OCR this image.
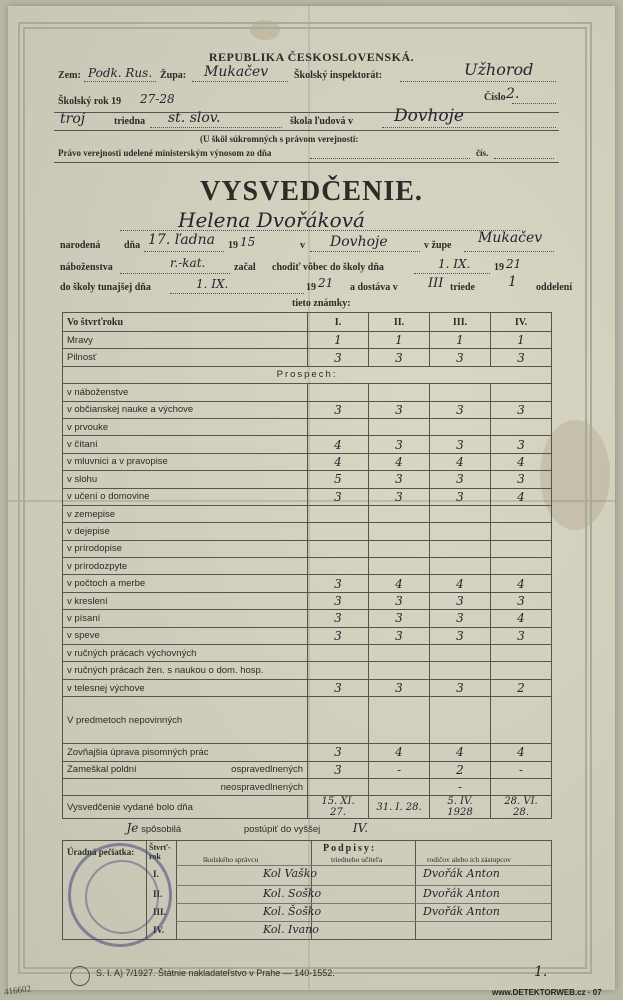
REPUBLIKA ČESKOSLOVENSKÁ.
Zem: Podk. Rus. Župa: Mukačev	Školský inspektorát:	Užhorod
Číslo 2.
Školský rok 19 27-28
troj	triedna st. slov.	škola ľudová v Dovhoje
(U škôl súkromných s právom verejnosti:
Právo verejnosti udelené ministerským výnosom zo dňa	čís.
VYSVEDČENIE.
Helena Dvořáková
narodená dňa 17. ľadna 19 15	v Dovhoje	v župe Mukačev
náboženstva	r.-kat.	začal chodiť vôbec do školy dňa	1. IX. 19 21
do školy tunajšej dňa	1. IX.	19 21 a dostáva v III triede 1 oddelení
tieto známky:
Vo štvrťroku	I.	II.	III.	IV.
Mravy	1	1	1	1
Pilnosť	3	3	3	3
Prospech:				
v náboženstve				
v občianskej nauke a výchove	3	3	3	3
v prvouke				
v čítaní	4	3	3	3
v mluvnici a v pravopise	4	4	4	4
v slohu	5	3	3	3
v učení o domovine	3	3	3	4
v zemepise				
v dejepise				
v prírodopise				
v prírodozpyte				
v počtoch a merbe	3	4	4	4
v kreslení	3	3	3	3
v písaní	3	3	3	4
v speve	3	3	3	3
v ručných prácach výchovných				
v ručných prácach žen. s naukou o dom. hosp.				
v telesnej výchove	3	3	3	2
V predmetoch nepovinných				
Zovňajšia úprava pisomných prác	3	4	4	4
Zameškal poldní ospravedlnených	3	-	2	-
neospravedlnených			-	
Vysvedčenie vydané bolo dňa	15. XI. 27.	31. I. 28.	5. IV. 1928	28. VI. 28.
Je spôsobilá postúpiť do vyššej IV.				
Úradná pečiatka: Štvrť-rok
Podpisy:
školského správcu	triedneho učiteľa	rodičov alebo ich zástupcov
I.	Kol Vaško	Dvořák Anton
II.	Kol. Soško	Dvořák Anton
III.	Kol. Šoško	Dvořák Anton
IV.	Kol. Ivano
416602
S. I. A) 7/1927. Štátnie nakladateľstvo v Prahe — 140-1552.	1.
www.DETEKTORWEB.cz · 07
